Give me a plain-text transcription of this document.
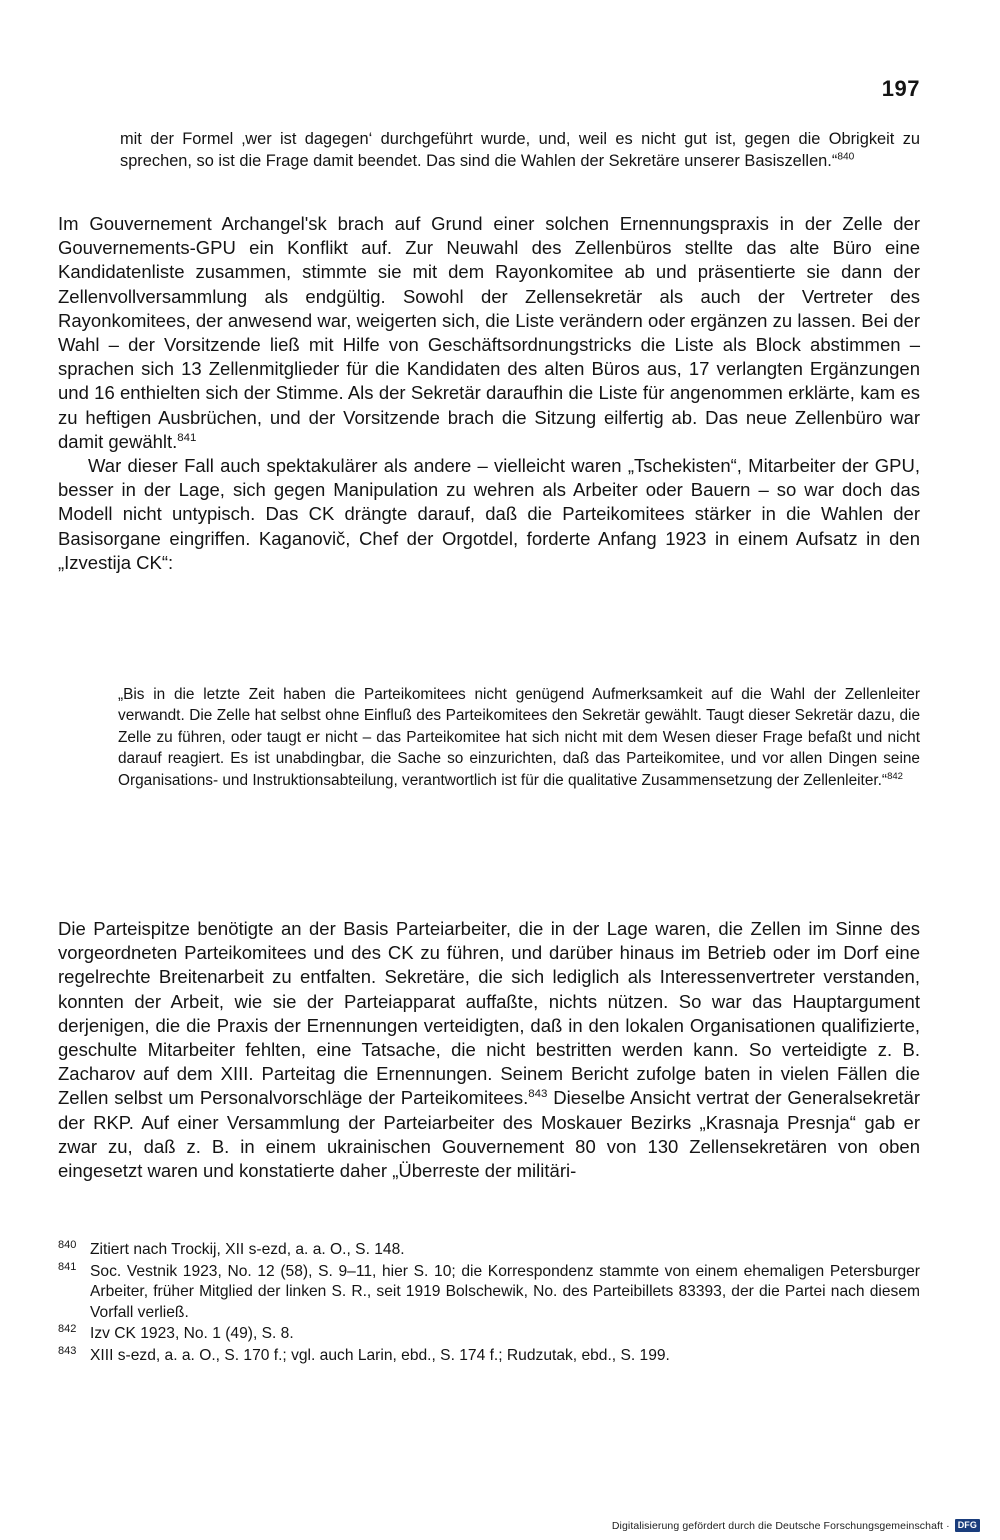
197
mit der Formel ‚wer ist dagegen‘ durchgeführt wurde, und, weil es nicht gut ist, gegen die Obrigkeit zu sprechen, so ist die Frage damit beendet. Das sind die Wahlen der Sekretäre unserer Basiszellen.“$^{840}$

Im Gouvernement Archangel'sk brach auf Grund einer solchen Ernennungspraxis in der Zelle der Gouvernements-GPU ein Konflikt auf. Zur Neuwahl des Zellenbüros stellte das alte Büro eine Kandidatenliste zusammen, stimmte sie mit dem Rayonkomitee ab und präsentierte sie dann der Zellenvollversammlung als endgültig. Sowohl der Zellensekretär als auch der Vertreter des Rayonkomitees, der anwesend war, weigerten sich, die Liste verändern oder ergänzen zu lassen. Bei der Wahl – der Vorsitzende ließ mit Hilfe von Geschäftsordnungstricks die Liste als Block abstimmen – sprachen sich 13 Zellenmitglieder für die Kandidaten des alten Büros aus, 17 verlangten Ergänzungen und 16 enthielten sich der Stimme. Als der Sekretär daraufhin die Liste für angenommen erklärte, kam es zu heftigen Ausbrüchen, und der Vorsitzende brach die Sitzung eilfertig ab. Das neue Zellenbüro war damit gewählt.$^{841}$

War dieser Fall auch spektakulärer als andere – vielleicht waren „Tschekisten“, Mitarbeiter der GPU, besser in der Lage, sich gegen Manipulation zu wehren als Arbeiter oder Bauern – so war doch das Modell nicht untypisch. Das CK drängte darauf, daß die Parteikomitees stärker in die Wahlen der Basisorgane eingriffen. Kaganovič, Chef der Orgotdel, forderte Anfang 1923 in einem Aufsatz in den „Izvestija CK“:

„Bis in die letzte Zeit haben die Parteikomitees nicht genügend Aufmerksamkeit auf die Wahl der Zellenleiter verwandt. Die Zelle hat selbst ohne Einfluß des Parteikomitees den Sekretär gewählt. Taugt dieser Sekretär dazu, die Zelle zu führen, oder taugt er nicht – das Parteikomitee hat sich nicht mit dem Wesen dieser Frage befaßt und nicht darauf reagiert. Es ist unabdingbar, die Sache so einzurichten, daß das Parteikomitee, und vor allen Dingen seine Organisations- und Instruktionsabteilung, verantwortlich ist für die qualitative Zusammensetzung der Zellenleiter.“$^{842}$

Die Parteispitze benötigte an der Basis Parteiarbeiter, die in der Lage waren, die Zellen im Sinne des vorgeordneten Parteikomitees und des CK zu führen, und darüber hinaus im Betrieb oder im Dorf eine regelrechte Breitenarbeit zu entfalten. Sekretäre, die sich lediglich als Interessenvertreter verstanden, konnten der Arbeit, wie sie der Parteiapparat auffaßte, nichts nützen. So war das Hauptargument derjenigen, die die Praxis der Ernennungen verteidigten, daß in den lokalen Organisationen qualifizierte, geschulte Mitarbeiter fehlten, eine Tatsache, die nicht bestritten werden kann. So verteidigte z. B. Zacharov auf dem XIII. Parteitag die Ernennungen. Seinem Bericht zufolge baten in vielen Fällen die Zellen selbst um Personalvorschläge der Parteikomitees.$^{843}$ Dieselbe Ansicht vertrat der Generalsekretär der RKP. Auf einer Versammlung der Parteiarbeiter des Moskauer Bezirks „Krasnaja Presnja“ gab er zwar zu, daß z. B. in einem ukrainischen Gouvernement 80 von 130 Zellensekretären von oben eingesetzt waren und konstatierte daher „Überreste der militäri-

840 Zitiert nach Trockij, XII s-ezd, a. a. O., S. 148.
841 Soc. Vestnik 1923, No. 12 (58), S. 9–11, hier S. 10; die Korrespondenz stammte von einem ehemaligen Petersburger Arbeiter, früher Mitglied der linken S. R., seit 1919 Bolschewik, No. des Parteibillets 83393, der die Partei nach diesem Vorfall verließ.
842 Izv CK 1923, No. 1 (49), S. 8.
843 XIII s-ezd, a. a. O., S. 170 f.; vgl. auch Larin, ebd., S. 174 f.; Rudzutak, ebd., S. 199.
Digitalisierung gefördert durch die Deutsche Forschungsgemeinschaft · DFG
